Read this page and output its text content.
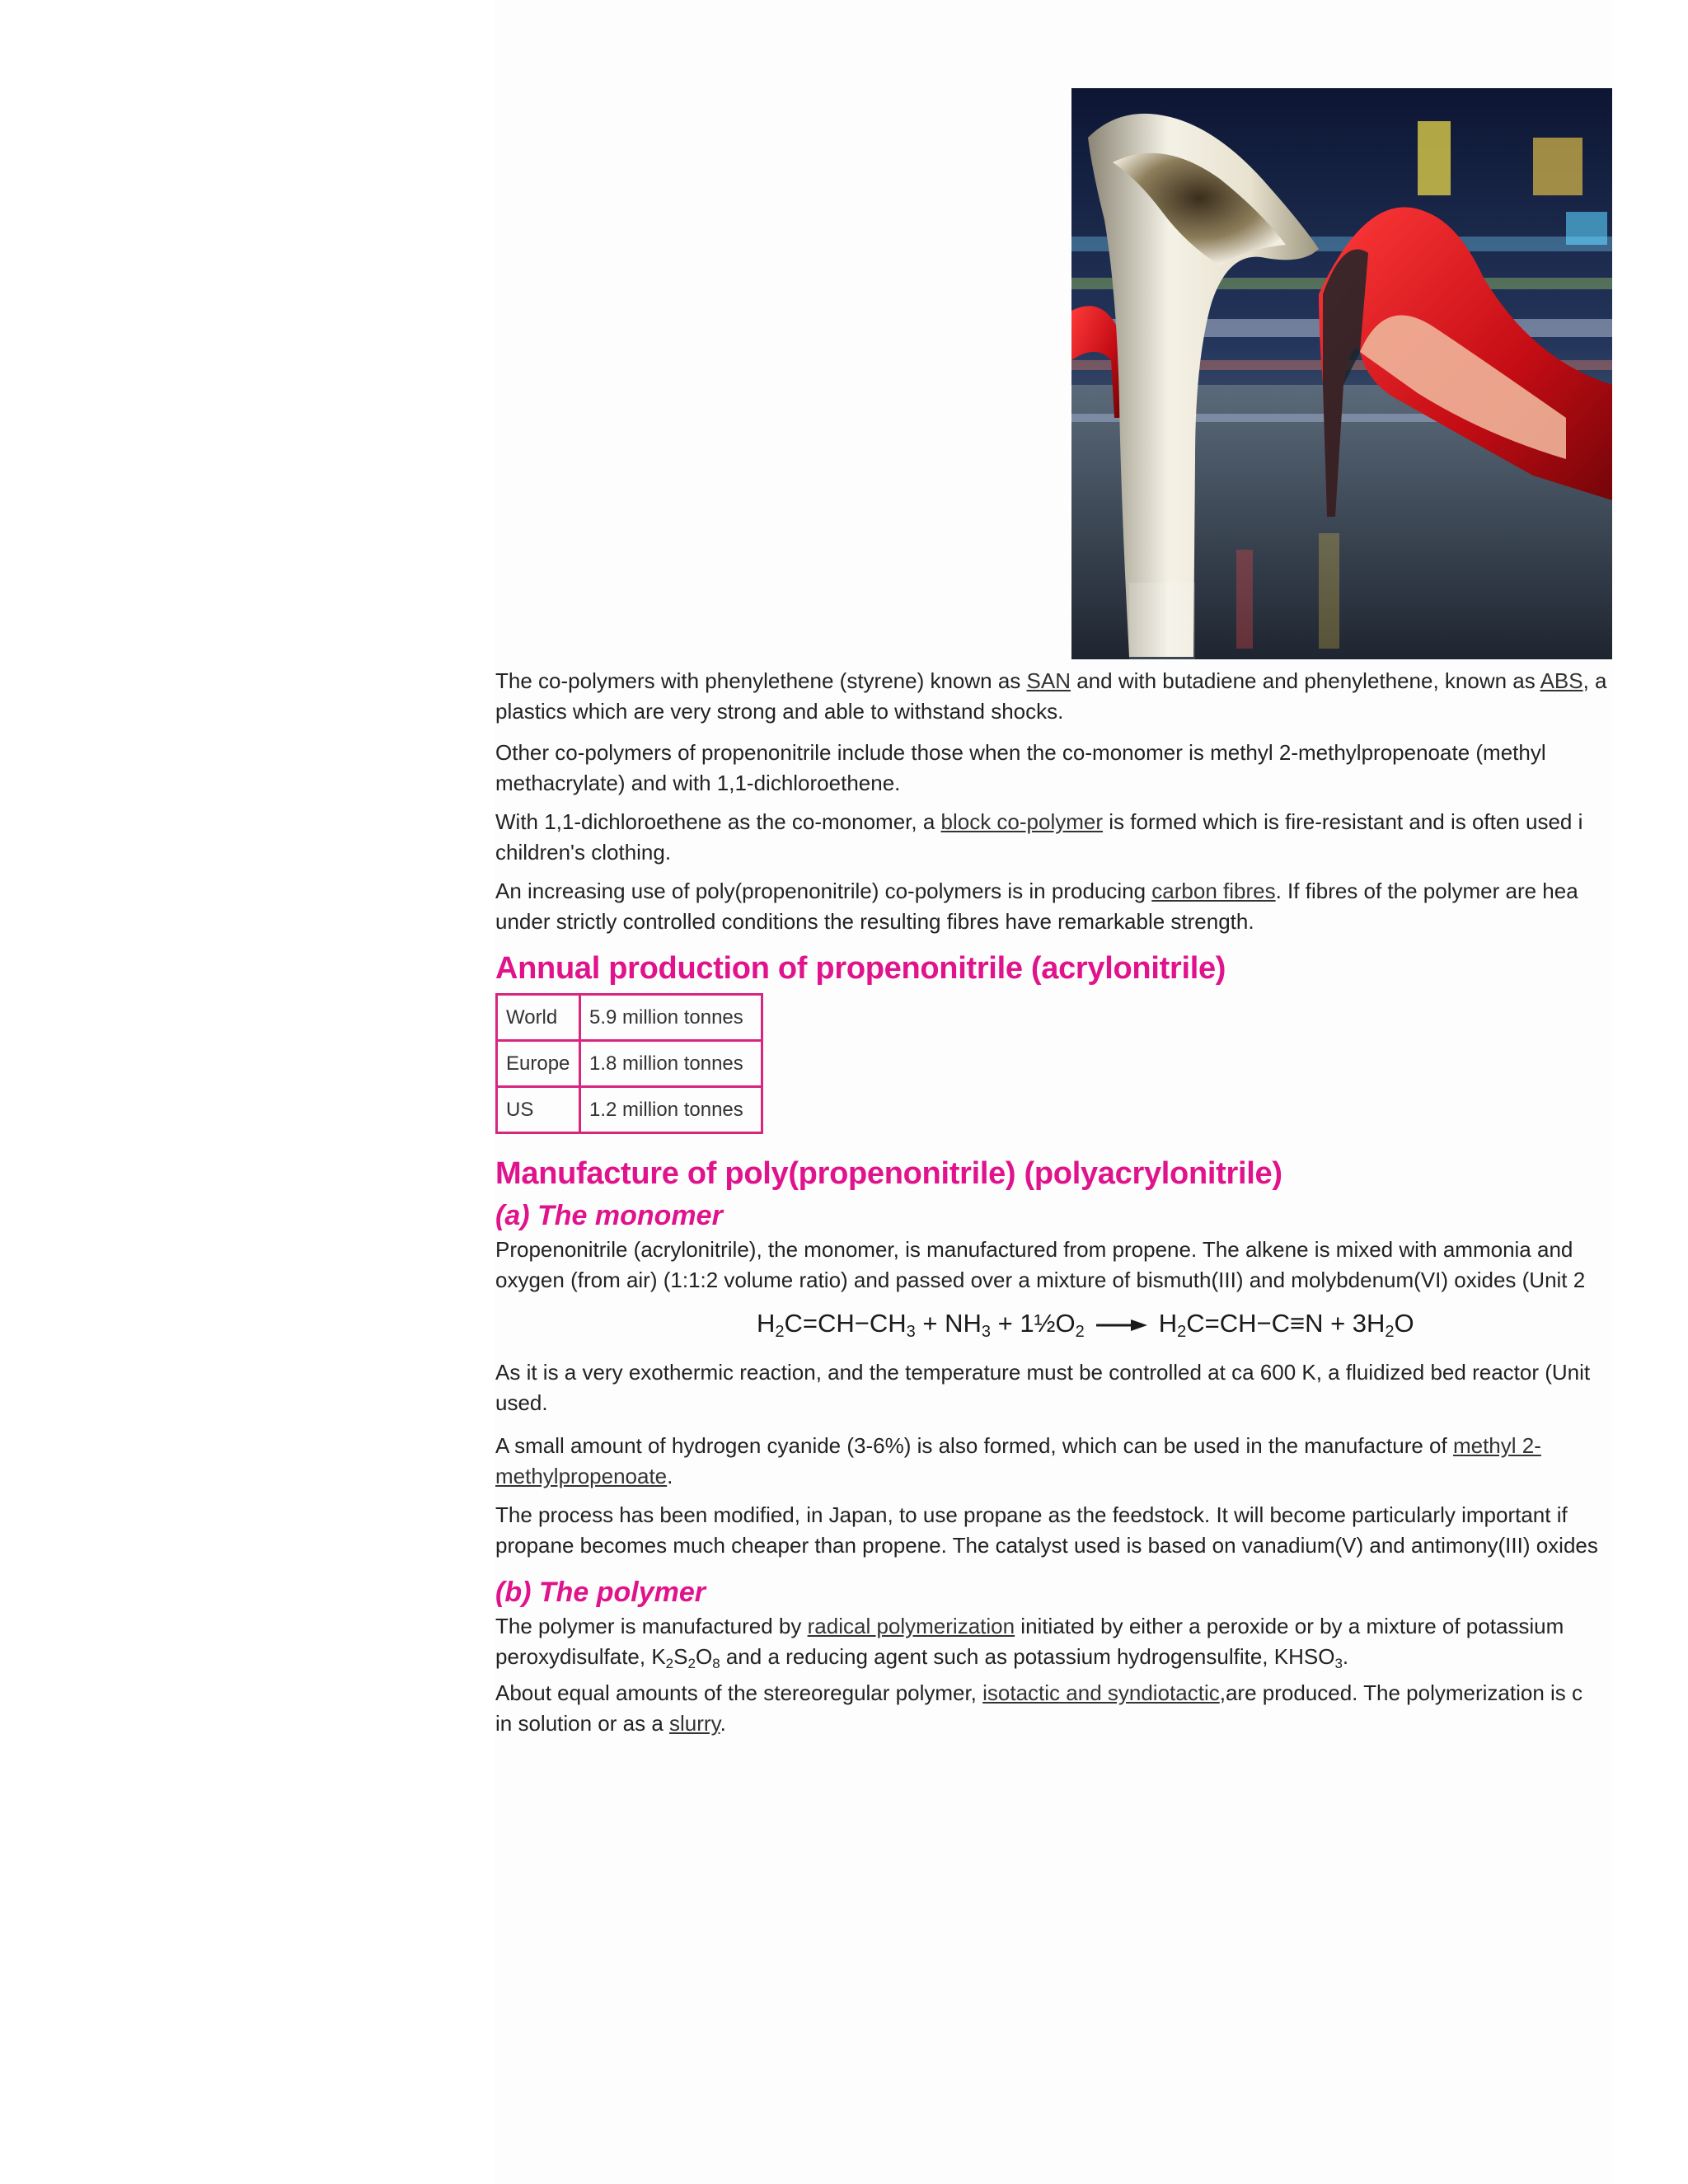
The co-polymers with phenylethene (styrene) known as SAN and with butadiene and phenylethene, known as ABS, a
plastics which are very strong and able to withstand shocks.

Other co-polymers of propenonitrile include those when the co-monomer is methyl 2-methylpropenoate (methyl
methacrylate) and with 1,1-dichloroethene.

With 1,1-dichloroethene as the co-monomer, a block co-polymer is formed which is fire-resistant and is often used i
children's clothing.

An increasing use of poly(propenonitrile) co-polymers is in producing carbon fibres. If fibres of the polymer are hea
under strictly controlled conditions the resulting fibres have remarkable strength.

Annual production of propenonitrile (acrylonitrile)
World	5.9 million tonnes
Europe	1.8 million tonnes
US	1.2 million tonnes
Manufacture of poly(propenonitrile) (polyacrylonitrile)
(a) The monomer

Propenonitrile (acrylonitrile), the monomer, is manufactured from propene. The alkene is mixed with ammonia and
oxygen (from air) (1:1:2 volume ratio) and passed over a mixture of bismuth(III) and molybdenum(VI) oxides (Unit 2

$H_2C=CH-CH_3 + NH_3$ + $1\frac{1}{2}O_2 \to H_2C=CH-C\equiv N + 3H_2O$

As it is a very exothermic reaction, and the temperature must be controlled at ca 600 K, a fluidized bed reactor (Unit
used.

A small amount of hydrogen cyanide (3-6%) is also formed, which can be used in the manufacture of methyl 2-
methylpropenoate.

The process has been modified, in Japan, to use propane as the feedstock. It will become particularly important if
propane becomes much cheaper than propene. The catalyst used is based on vanadium(V) and antimony(III) oxides

(b) The polymer

The polymer is manufactured by radical polymerization initiated by either a peroxide or by a mixture of potassium
peroxydisulfate, $K_2S_2O_8$ and a reducing agent such as potassium hydrogensulfite, $KHSO_3$.

About equal amounts of the stereoregular polymer, isotactic and syndiotactic,are produced. The polymerization is c
in solution or as a slurry.
